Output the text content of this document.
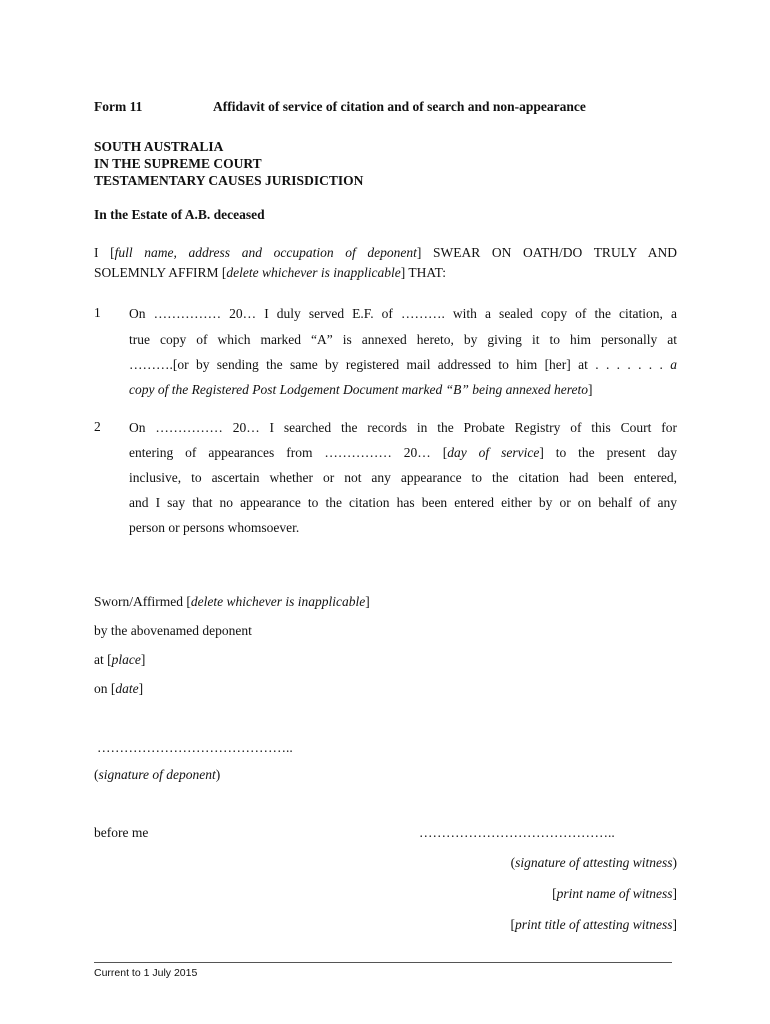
Form 11	Affidavit of service of citation and of search and non-appearance
SOUTH AUSTRALIA
IN THE SUPREME COURT
TESTAMENTARY CAUSES JURISDICTION
In the Estate of A.B. deceased
I [full name, address and occupation of deponent] SWEAR ON OATH/DO TRULY AND
SOLEMNLY AFFIRM [delete whichever is inapplicable] THAT:
1 On …………… 20… I duly served E.F. of ………. with a sealed copy of the citation, a
true copy of which marked “A” is annexed hereto, by giving it to him personally at
……….[or by sending the same by registered mail addressed to him [her] at . . . . . . . a
copy of the Registered Post Lodgement Document marked “B” being annexed hereto]
2 On …………… 20… I searched the records in the Probate Registry of this Court for
entering of appearances from …………… 20… [day of service] to the present day
inclusive, to ascertain whether or not any appearance to the citation had been entered,
and I say that no appearance to the citation has been entered either by or on behalf of any
person or persons whomsoever.
Sworn/Affirmed [delete whichever is inapplicable]
by the abovenamed deponent
at [place]
on [date]
……………………………………..
(signature of deponent)
before me	……………………………………..
(signature of attesting witness)
[print name of witness]
[print title of attesting witness]
Current to 1 July 2015
